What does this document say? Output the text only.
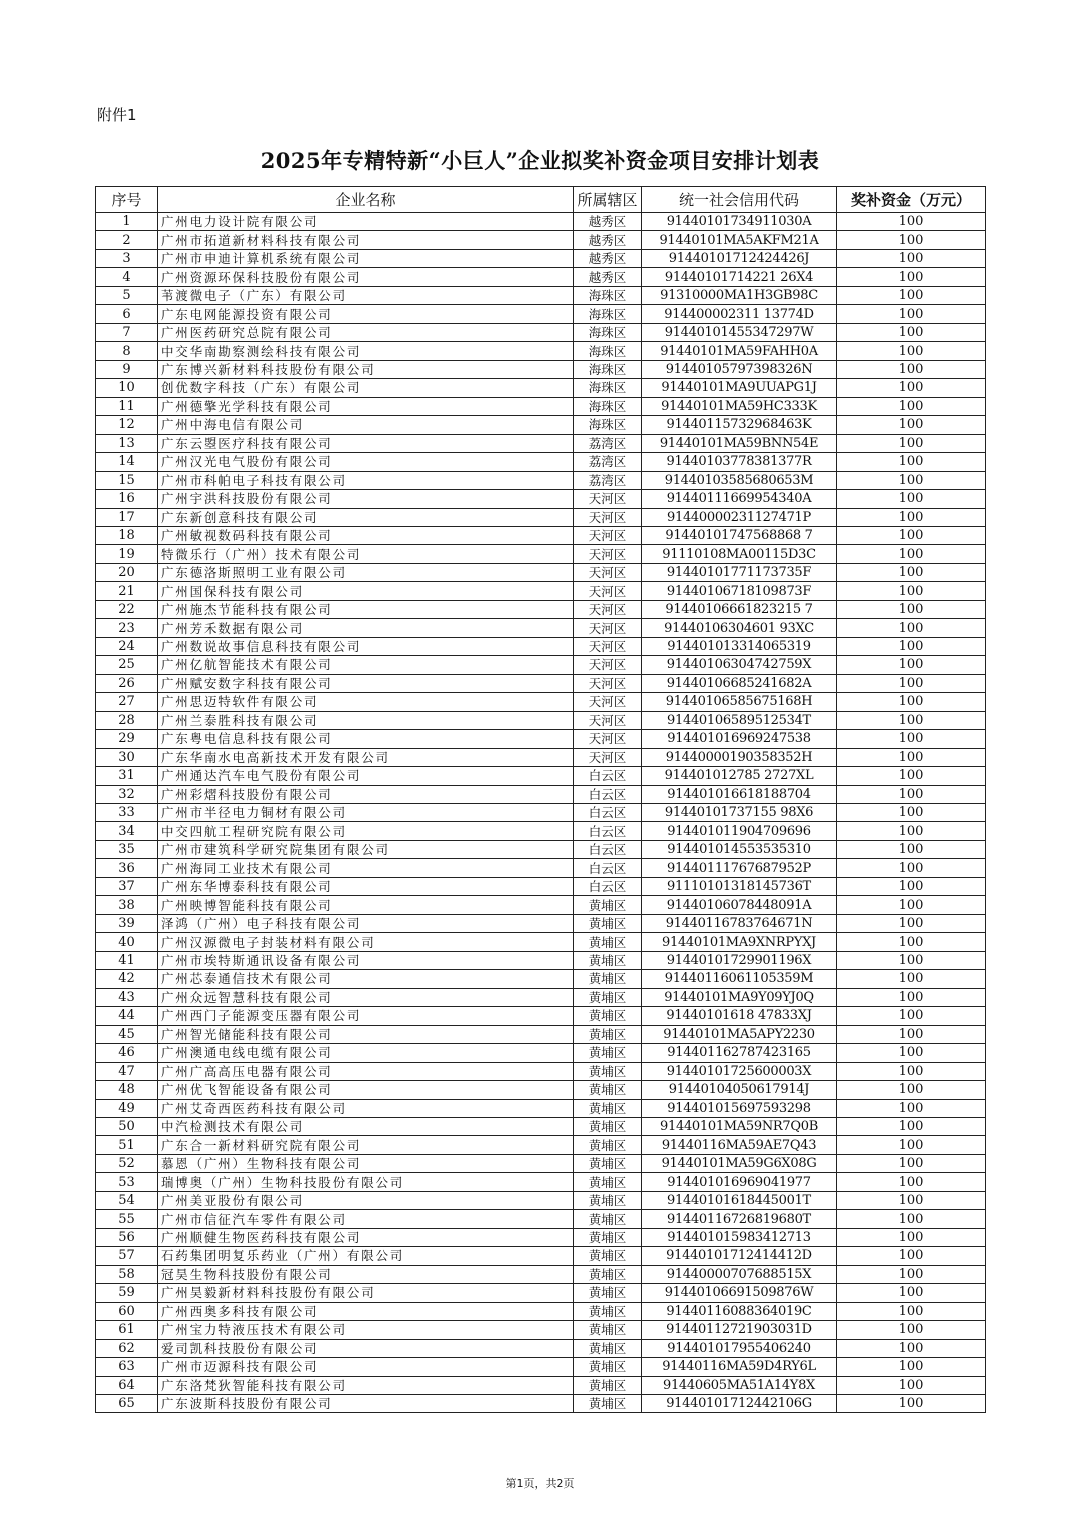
附件1
2025年专精特新“小巨人”企业拟奖补资金项目安排计划表
序号	企业名称	所属辖区	统一社会信用代码	奖补资金（万元）
1	广州电力设计院有限公司	越秀区	91440101734911030A	100
2	广州市拓道新材料科技有限公司	越秀区	91440101MA5AKFM21A	100
3	广州市申迪计算机系统有限公司	越秀区	91440101712424426J	100
4	广州资源环保科技股份有限公司	越秀区	91440101714221 26X4	100
5	苇渡微电子（广东）有限公司	海珠区	91310000MA1H3GB98C	100
6	广东电网能源投资有限公司	海珠区	914400002311 13774D	100
7	广州医药研究总院有限公司	海珠区	91440101455347297W	100
8	中交华南勘察测绘科技有限公司	海珠区	91440101MA59FAHH0A	100
9	广东博兴新材料科技股份有限公司	海珠区	91440105797398326N	100
10	创优数字科技（广东）有限公司	海珠区	91440101MA9UUAPG1J	100
11	广州德擎光学科技有限公司	海珠区	91440101MA59HC333K	100
12	广州中海电信有限公司	海珠区	91440115732968463K	100
13	广东云曌医疗科技有限公司	荔湾区	91440101MA59BNN54E	100
14	广州汉光电气股份有限公司	荔湾区	91440103778381377R	100
15	广州市科帕电子科技有限公司	荔湾区	91440103585680653M	100
16	广州宇洪科技股份有限公司	天河区	91440111669954340A	100
17	广东新创意科技有限公司	天河区	91440000231127471P	100
18	广州敏视数码科技有限公司	天河区	91440101747568868 7	100
19	特微乐行（广州）技术有限公司	天河区	91110108MA00115D3C	100
20	广东德洛斯照明工业有限公司	天河区	91440101771173735F	100
21	广州国保科技有限公司	天河区	91440106718109873F	100
22	广州施杰节能科技有限公司	天河区	91440106661823215 7	100
23	广州芳禾数据有限公司	天河区	91440106304601 93XC	100
24	广州数说故事信息科技有限公司	天河区	914401013314065319	100
25	广州亿航智能技术有限公司	天河区	91440106304742759X	100
26	广州赋安数字科技有限公司	天河区	91440106685241682A	100
27	广州思迈特软件有限公司	天河区	91440106585675168H	100
28	广州兰泰胜科技有限公司	天河区	91440106589512534T	100
29	广东粤电信息科技有限公司	天河区	914401016969247538	100
30	广东华南水电高新技术开发有限公司	天河区	91440000190358352H	100
31	广州通达汽车电气股份有限公司	白云区	914401012785 2727XL	100
32	广州彩熠科技股份有限公司	白云区	914401016618188704	100
33	广州市半径电力铜材有限公司	白云区	91440101737155 98X6	100
34	中交四航工程研究院有限公司	白云区	914401011904709696	100
35	广州市建筑科学研究院集团有限公司	白云区	914401014553535310	100
36	广州海同工业技术有限公司	白云区	91440111767687952P	100
37	广州东华博泰科技有限公司	白云区	91110101318145736T	100
38	广州映博智能科技有限公司	黄埔区	91440106078448091A	100
39	泽鸿（广州）电子科技有限公司	黄埔区	91440116783764671N	100
40	广州汉源微电子封装材料有限公司	黄埔区	91440101MA9XNRPYXJ	100
41	广州市埃特斯通讯设备有限公司	黄埔区	91440101729901196X	100
42	广州芯泰通信技术有限公司	黄埔区	91440116061105359M	100
43	广州众远智慧科技有限公司	黄埔区	91440101MA9Y09YJ0Q	100
44	广州西门子能源变压器有限公司	黄埔区	91440101618 47833XJ	100
45	广州智光储能科技有限公司	黄埔区	91440101MA5APY2230	100
46	广州澳通电线电缆有限公司	黄埔区	914401162787423165	100
47	广州广高高压电器有限公司	黄埔区	91440101725600003X	100
48	广州优飞智能设备有限公司	黄埔区	91440104050617914J	100
49	广州艾奇西医药科技有限公司	黄埔区	914401015697593298	100
50	中汽检测技术有限公司	黄埔区	91440101MA59NR7Q0B	100
51	广东合一新材料研究院有限公司	黄埔区	91440116MA59AE7Q43	100
52	慕恩（广州）生物科技有限公司	黄埔区	91440101MA59G6X08G	100
53	瑞博奥（广州）生物科技股份有限公司	黄埔区	914401016969041977	100
54	广州美亚股份有限公司	黄埔区	91440101618445001T	100
55	广州市信征汽车零件有限公司	黄埔区	91440116726819680T	100
56	广州顺健生物医药科技有限公司	黄埔区	914401015983412713	100
57	石药集团明复乐药业（广州）有限公司	黄埔区	91440101712414412D	100
58	冠昊生物科技股份有限公司	黄埔区	91440000707688515X	100
59	广州昊毅新材料科技股份有限公司	黄埔区	91440106691509876W	100
60	广州西奥多科技有限公司	黄埔区	91440116088364019C	100
61	广州宝力特液压技术有限公司	黄埔区	91440112721903031D	100
62	爱司凯科技股份有限公司	黄埔区	914401017955406240	100
63	广州市迈源科技有限公司	黄埔区	91440116MA59D4RY6L	100
64	广东洛梵狄智能科技有限公司	黄埔区	91440605MA51A14Y8X	100
65	广东波斯科技股份有限公司	黄埔区	91440101712442106G	100
第1页，共2页
